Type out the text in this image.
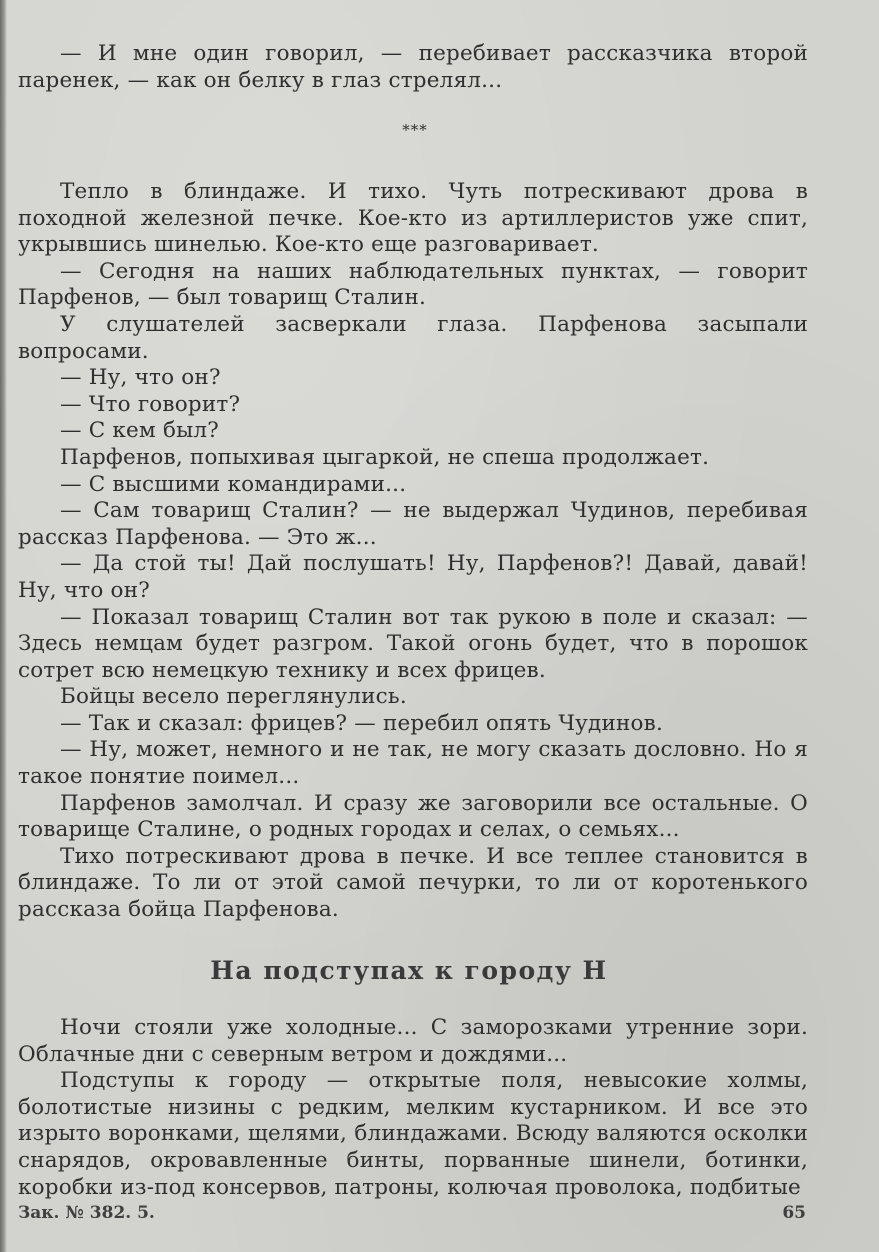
— И мне один говорил, — перебивает рассказчика второй паренек, — как он белку в глаз стрелял...

***

Тепло в блиндаже. И тихо. Чуть потрескивают дрова в походной железной печке. Кое-кто из артиллеристов уже спит, укрывшись шинелью. Кое-кто еще разговаривает.

— Сегодня на наших наблюдательных пунктах, — говорит Парфенов, — был товарищ Сталин.

У слушателей засверкали глаза. Парфенова засыпали вопросами.

— Ну, что он?

— Что говорит?

— С кем был?

Парфенов, попыхивая цыгаркой, не спеша продолжает.

— С высшими командирами...

— Сам товарищ Сталин? — не выдержал Чудинов, перебивая рассказ Парфенова. — Это ж...

— Да стой ты! Дай послушать! Ну, Парфенов?! Давай, давай! Ну, что он?

— Показал товарищ Сталин вот так рукою в поле и сказал: — Здесь немцам будет разгром. Такой огонь будет, что в порошок сотрет всю немецкую технику и всех фрицев.

Бойцы весело переглянулись.

— Так и сказал: фрицев? — перебил опять Чудинов.

— Ну, может, немного и не так, не могу сказать дословно. Но я такое понятие поимел...

Парфенов замолчал. И сразу же заговорили все остальные. О товарище Сталине, о родных городах и селах, о семьях...

Тихо потрескивают дрова в печке. И все теплее становится в блиндаже. То ли от этой самой печурки, то ли от коротенького рассказа бойца Парфенова.

На подступах к городу Н

Ночи стояли уже холодные... С заморозками утренние зори. Облачные дни с северным ветром и дождями...

Подступы к городу — открытые поля, невысокие холмы, болотистые низины с редким, мелким кустарником. И все это изрыто воронками, щелями, блиндажами. Всюду валяются осколки снарядов, окровавленные бинты, порванные шинели, ботинки, коробки из-под консервов, патроны, колючая проволока, подбитые

Зак. № 382. 5.	65
